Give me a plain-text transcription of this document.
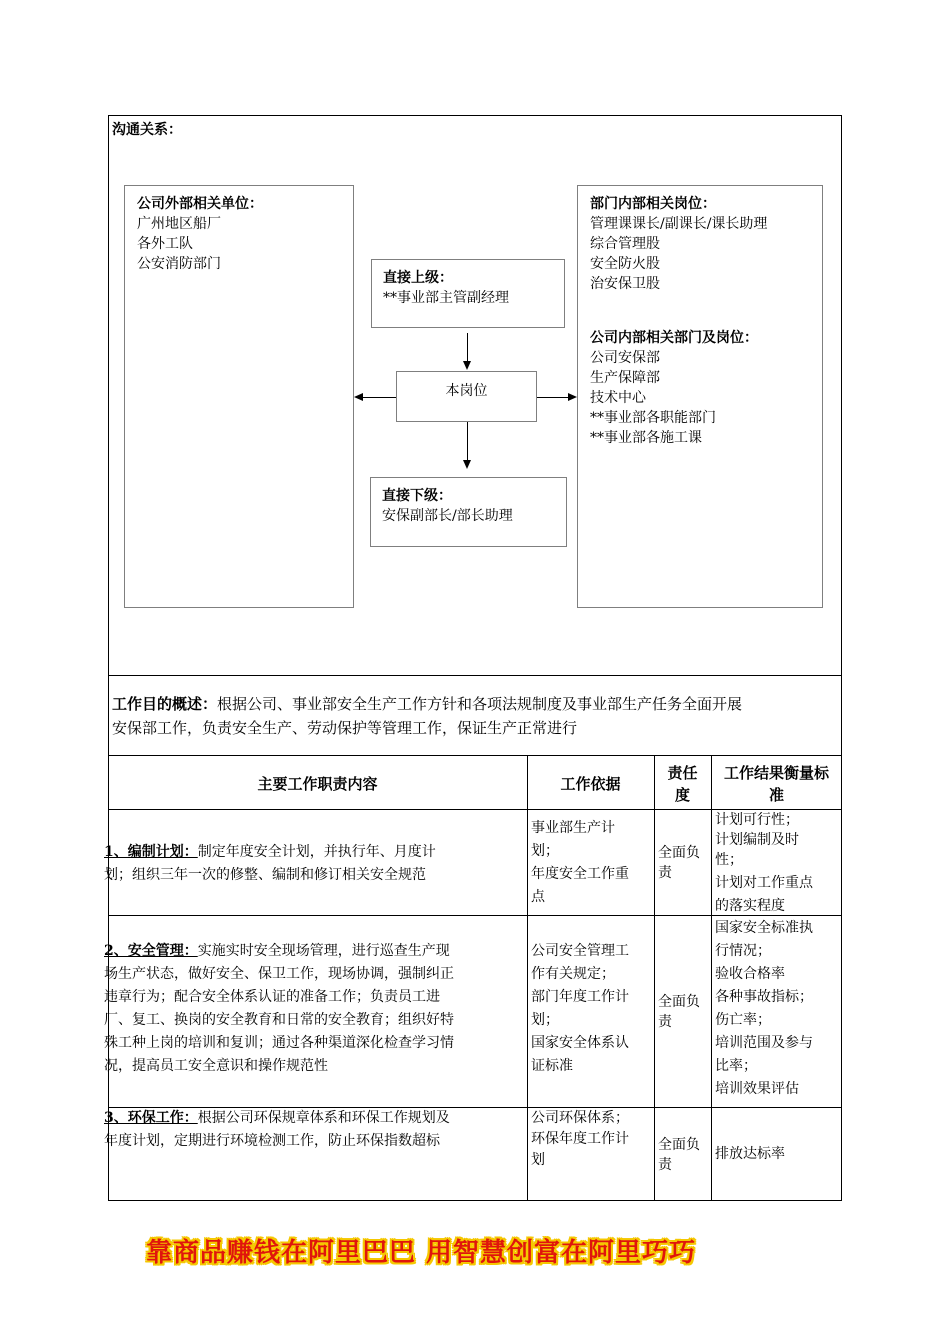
沟通关系：
公司外部相关单位：
广州地区船厂
各外工队
公安消防部门
直接上级：
**事业部主管副经理
本岗位
直接下级：
安保副部长/部长助理
部门内部相关岗位：
管理课课长/副课长/课长助理
综合管理股
安全防火股
治安保卫股
公司内部相关部门及岗位：
公司安保部
生产保障部
技术中心
**事业部各职能部门
**事业部各施工课
工作目的概述：根据公司、事业部安全生产工作方针和各项法规制度及事业部生产任务全面开展
安保部工作，负责安全生产、劳动保护等管理工作，保证生产正常进行
主要工作职责内容	工作依据
责任
度
工作结果衡量标
准
1、编制计划：制定年度安全计划，并执行年、月度计
划；组织三年一次的修整、编制和修订相关安全规范
事业部生产计
划；
年度安全工作重
点
全面负
责
计划可行性；
计划编制及时
性；
计划对工作重点
的落实程度
2、安全管理：实施实时安全现场管理，进行巡查生产现
场生产状态，做好安全、保卫工作，现场协调，强制纠正
违章行为；配合安全体系认证的准备工作；负责员工进
厂、复工、换岗的安全教育和日常的安全教育；组织好特
殊工种上岗的培训和复训；通过各种渠道深化检查学习情
况，提高员工安全意识和操作规范性
公司安全管理工
作有关规定；
部门年度工作计
划；
国家安全体系认
证标准
全面负
责
国家安全标准执
行情况；
验收合格率
各种事故指标；
伤亡率；
培训范围及参与
比率；
培训效果评估
3、环保工作：根据公司环保规章体系和环保工作规划及
年度计划，定期进行环境检测工作，防止环保指数超标
公司环保体系；
环保年度工作计
划
全面负
责
排放达标率
靠商品赚钱在阿里巴巴 用智慧创富在阿里巧巧
